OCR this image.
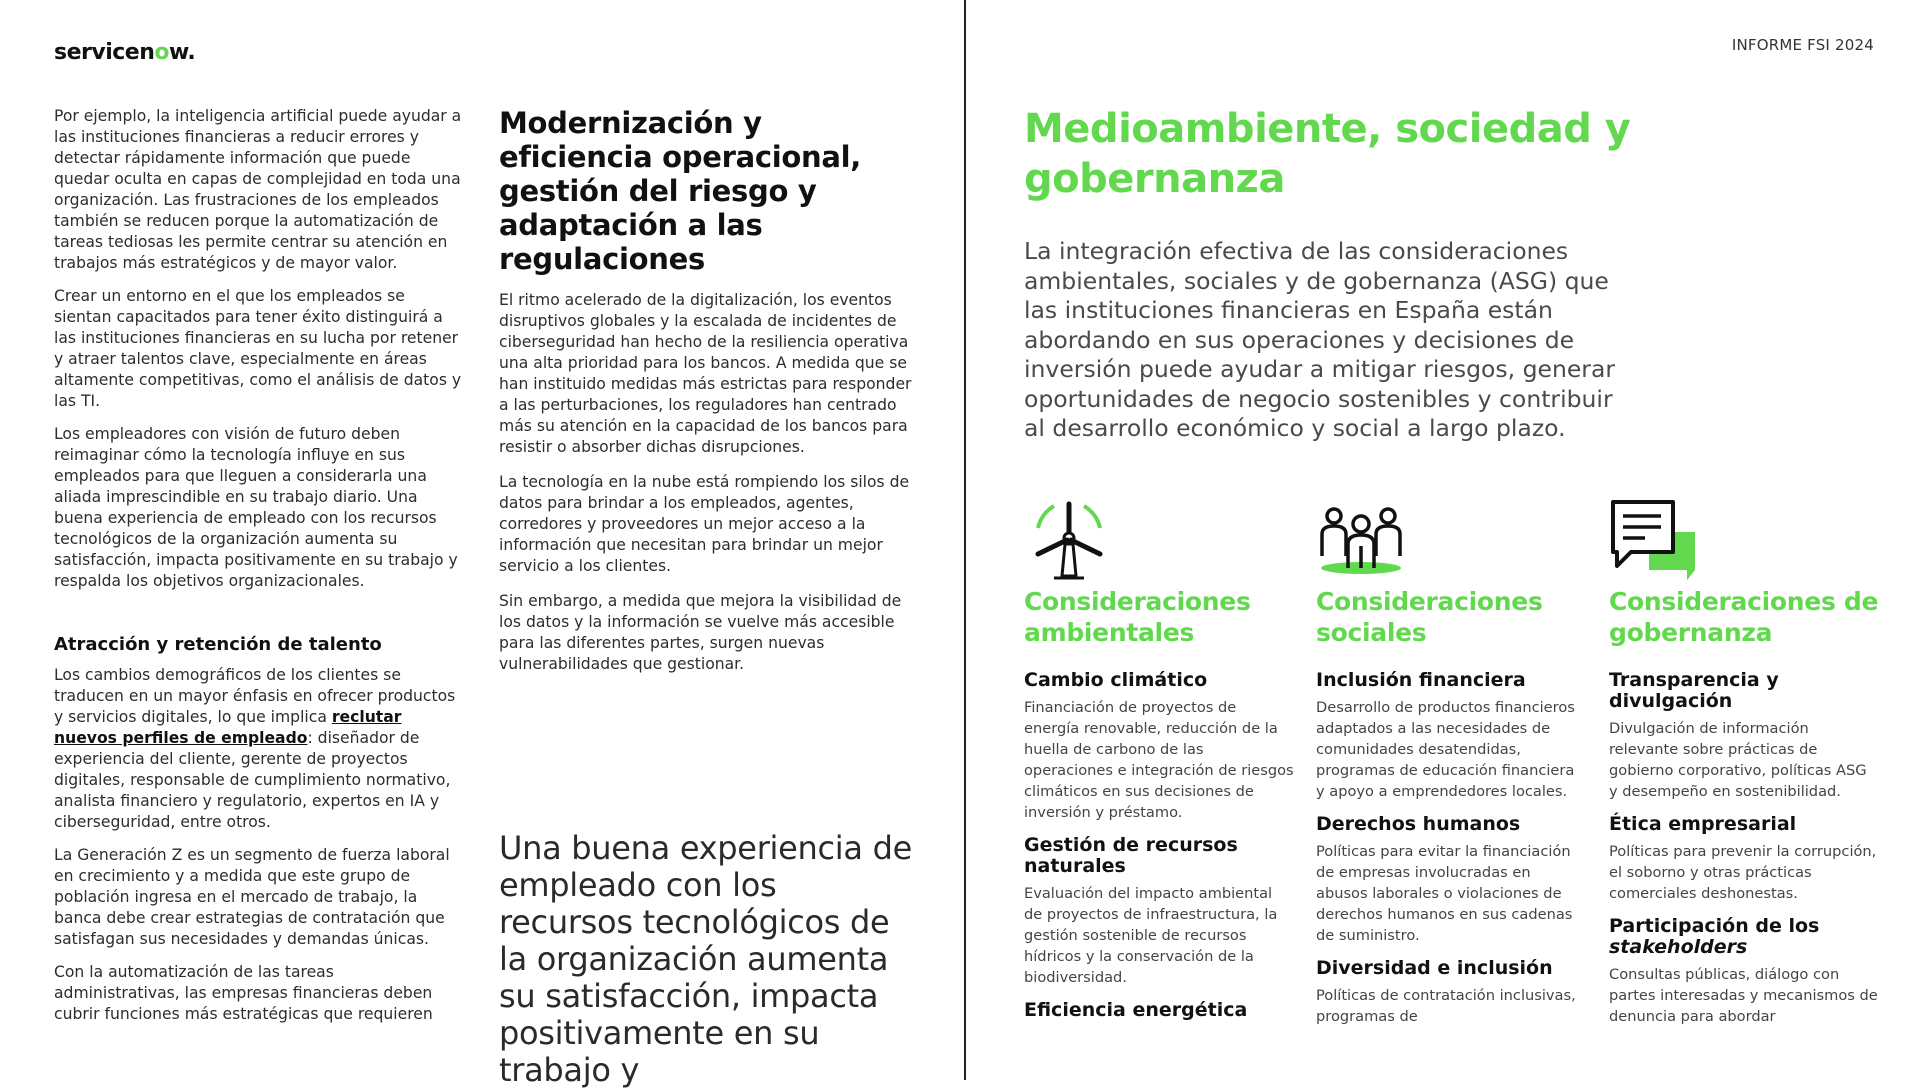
servicenow.	INFORME FSI 2024

Por ejemplo, la inteligencia artificial puede ayudar a las instituciones financieras a reducir errores y detectar rápidamente información que puede quedar oculta en capas de complejidad en toda una organización. Las frustraciones de los empleados también se reducen porque la automatización de tareas tediosas les permite centrar su atención en trabajos más estratégicos y de mayor valor.

Crear un entorno en el que los empleados se sientan capacitados para tener éxito distinguirá a las instituciones financieras en su lucha por retener y atraer talentos clave, especialmente en áreas altamente competitivas, como el análisis de datos y las TI.

Los empleadores con visión de futuro deben reimaginar cómo la tecnología influye en sus empleados para que lleguen a considerarla una aliada imprescindible en su trabajo diario. Una buena experiencia de empleado con los recursos tecnológicos de la organización aumenta su satisfacción, impacta positivamente en su trabajo y respalda los objetivos organizacionales.

Atracción y retención de talento

Los cambios demográficos de los clientes se traducen en un mayor énfasis en ofrecer productos y servicios digitales, lo que implica reclutar nuevos perfiles de empleado: diseñador de experiencia del cliente, gerente de proyectos digitales, responsable de cumplimiento normativo, analista financiero y regulatorio, expertos en IA y ciberseguridad, entre otros.

La Generación Z es un segmento de fuerza laboral en crecimiento y a medida que este grupo de población ingresa en el mercado de trabajo, la banca debe crear estrategias de contratación que satisfagan sus necesidades y demandas únicas.

Con la automatización de las tareas administrativas, las empresas financieras deben cubrir funciones más estratégicas que requieren

Modernización y eficiencia operacional, gestión del riesgo y adaptación a las regulaciones

El ritmo acelerado de la digitalización, los eventos disruptivos globales y la escalada de incidentes de ciberseguridad han hecho de la resiliencia operativa una alta prioridad para los bancos. A medida que se han instituido medidas más estrictas para responder a las perturbaciones, los reguladores han centrado más su atención en la capacidad de los bancos para resistir o absorber dichas disrupciones.

La tecnología en la nube está rompiendo los silos de datos para brindar a los empleados, agentes, corredores y proveedores un mejor acceso a la información que necesitan para brindar un mejor servicio a los clientes.

Sin embargo, a medida que mejora la visibilidad de los datos y la información se vuelve más accesible para las diferentes partes, surgen nuevas vulnerabilidades que gestionar.

Una buena experiencia de empleado con los recursos tecnológicos de la organización aumenta su satisfacción, impacta positivamente en su trabajo y
Medioambiente, sociedad y gobernanza
La integración efectiva de las consideraciones ambientales, sociales y de gobernanza (ASG) que las instituciones financieras en España están abordando en sus operaciones y decisiones de inversión puede ayudar a mitigar riesgos, generar oportunidades de negocio sostenibles y contribuir al desarrollo económico y social a largo plazo.
Consideraciones ambientales
Cambio climático
Financiación de proyectos de energía renovable, reducción de la huella de carbono de las operaciones e integración de riesgos climáticos en sus decisiones de inversión y préstamo.
Gestión de recursos naturales
Evaluación del impacto ambiental de proyectos de infraestructura, la gestión sostenible de recursos hídricos y la conservación de la biodiversidad.
Eficiencia energética
Consideraciones sociales
Inclusión financiera
Desarrollo de productos financieros adaptados a las necesidades de comunidades desatendidas, programas de educación financiera y apoyo a emprendedores locales.
Derechos humanos
Políticas para evitar la financiación de empresas involucradas en abusos laborales o violaciones de derechos humanos en sus cadenas de suministro.
Diversidad e inclusión
Políticas de contratación inclusivas, programas de
Consideraciones de gobernanza
Transparencia y divulgación
Divulgación de información relevante sobre prácticas de gobierno corporativo, políticas ASG y desempeño en sostenibilidad.
Ética empresarial
Políticas para prevenir la corrupción, el soborno y otras prácticas comerciales deshonestas.
Participación de los stakeholders
Consultas públicas, diálogo con partes interesadas y mecanismos de denuncia para abordar
